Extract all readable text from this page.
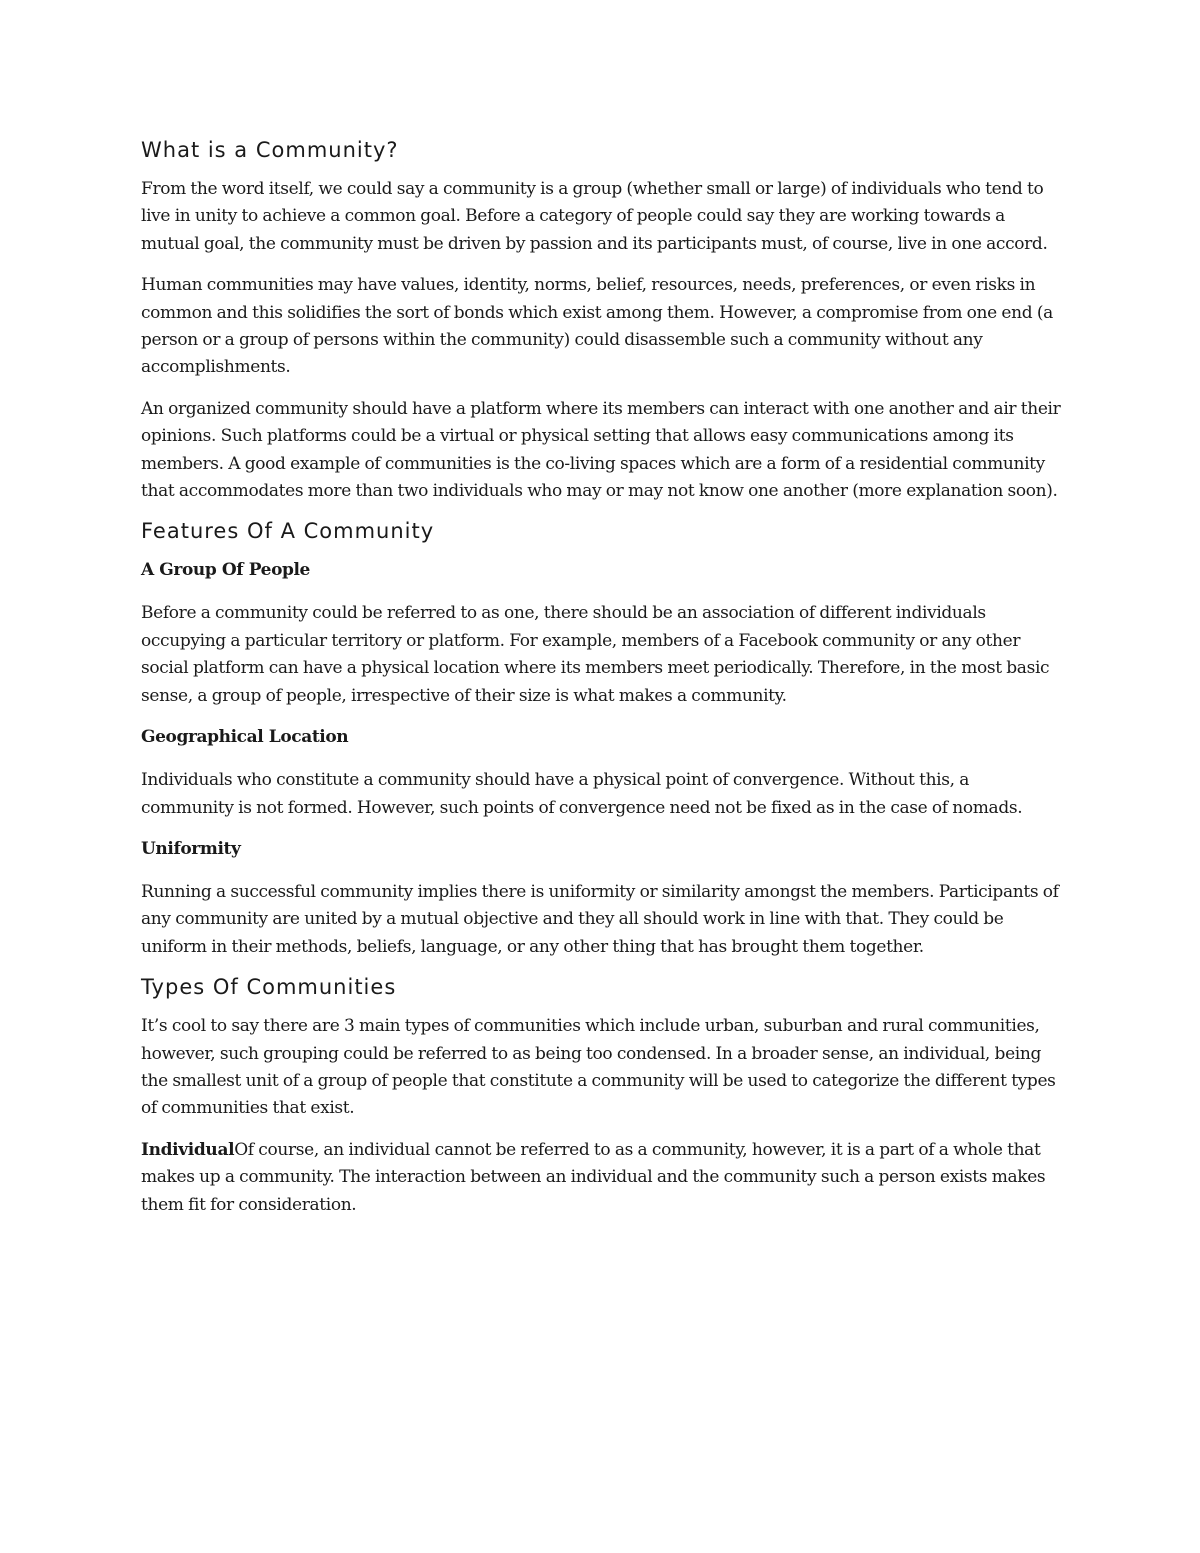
What is a Community?

From the word itself, we could say a community is a group (whether small or large) of individuals who tend to live in unity to achieve a common goal. Before a category of people could say they are working towards a mutual goal, the community must be driven by passion and its participants must, of course, live in one accord.

Human communities may have values, identity, norms, belief, resources, needs, preferences, or even risks in common and this solidifies the sort of bonds which exist among them. However, a compromise from one end (a person or a group of persons within the community) could disassemble such a community without any accomplishments.

An organized community should have a platform where its members can interact with one another and air their opinions. Such platforms could be a virtual or physical setting that allows easy communications among its members. A good example of communities is the co-living spaces which are a form of a residential community that accommodates more than two individuals who may or may not know one another (more explanation soon).

Features Of A Community
A Group Of People

Before a community could be referred to as one, there should be an association of different individuals occupying a particular territory or platform. For example, members of a Facebook community or any other social platform can have a physical location where its members meet periodically. Therefore, in the most basic sense, a group of people, irrespective of their size is what makes a community.

Geographical Location

Individuals who constitute a community should have a physical point of convergence. Without this, a community is not formed. However, such points of convergence need not be fixed as in the case of nomads.

Uniformity

Running a successful community implies there is uniformity or similarity amongst the members. Participants of any community are united by a mutual objective and they all should work in line with that. They could be uniform in their methods, beliefs, language, or any other thing that has brought them together.

Types Of Communities

It’s cool to say there are 3 main types of communities which include urban, suburban and rural communities, however, such grouping could be referred to as being too condensed. In a broader sense, an individual, being the smallest unit of a group of people that constitute a community will be used to categorize the different types of communities that exist.

IndividualOf course, an individual cannot be referred to as a community, however, it is a part of a whole that makes up a community. The interaction between an individual and the community such a person exists makes them fit for consideration.
